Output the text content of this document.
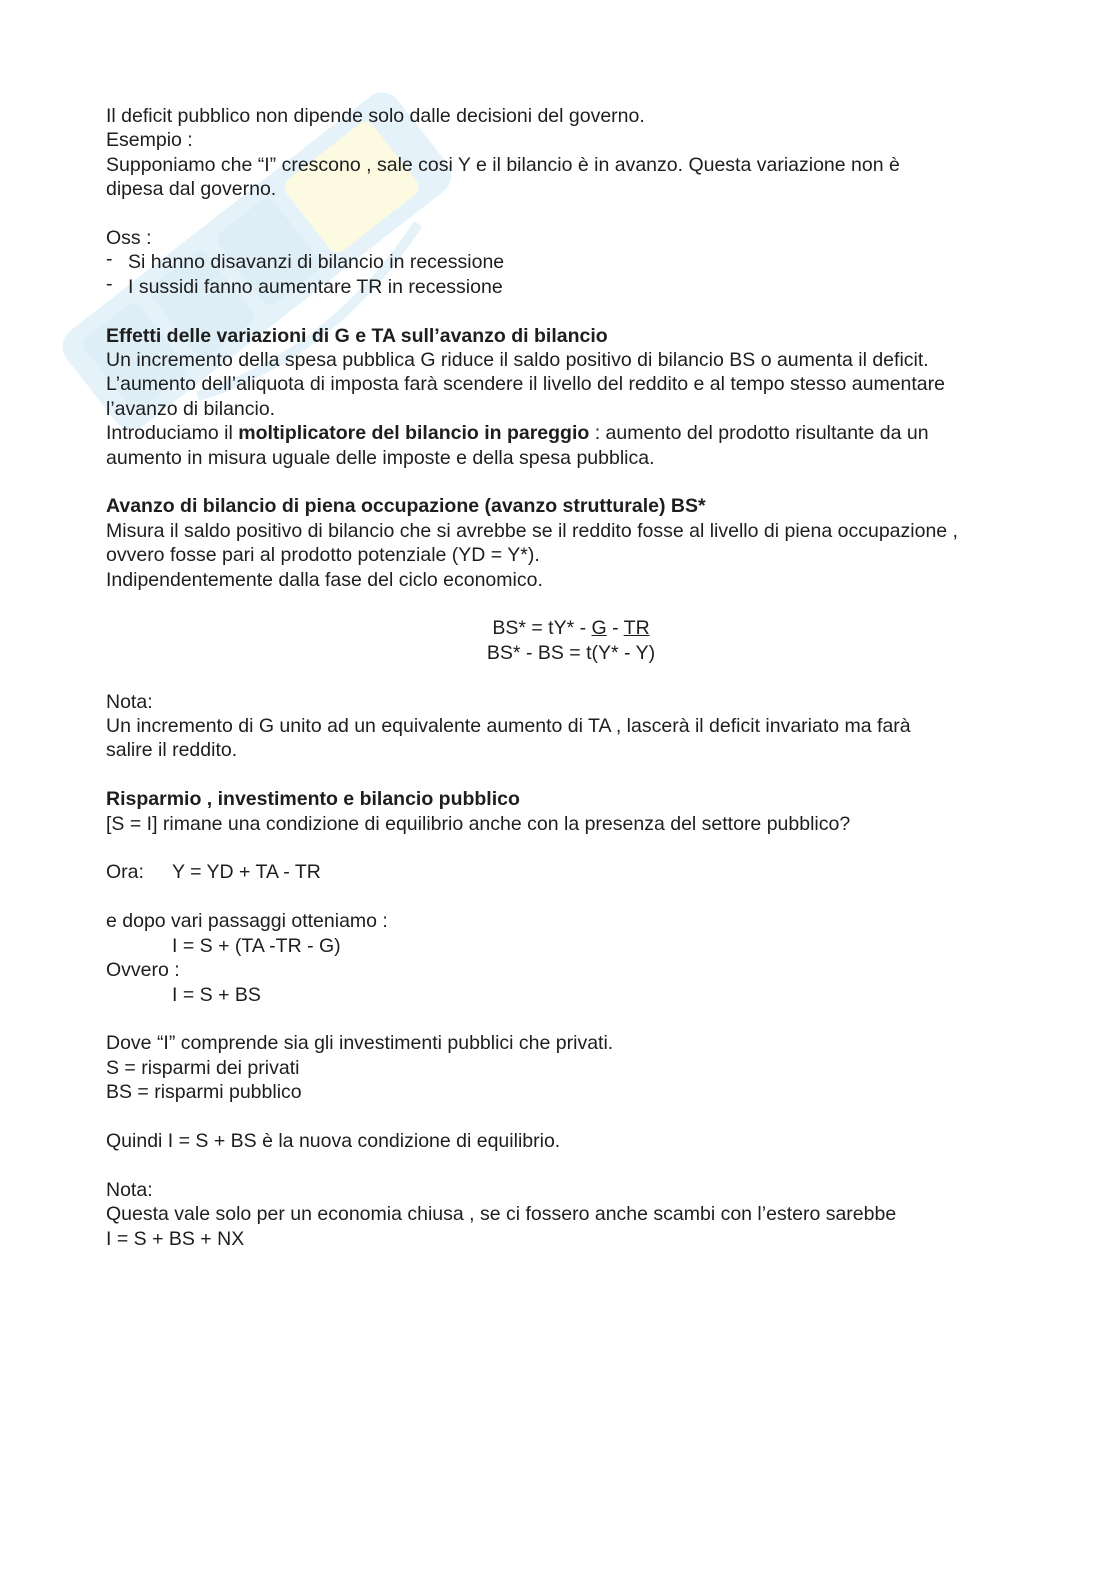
Il deficit pubblico non dipende solo dalle decisioni del governo.

Esempio :

Supponiamo che “I” crescono , sale cosi Y e il bilancio è in avanzo. Questa variazione non è

dipesa dal governo.

Oss :

- Si hanno disavanzi di bilancio in recessione
- I sussidi fanno aumentare TR in recessione

Effetti delle variazioni di G e TA sull’avanzo di bilancio

Un incremento della spesa pubblica G riduce il saldo positivo di bilancio BS o aumenta il deficit.

L’aumento dell’aliquota di imposta farà scendere il livello del reddito e al tempo stesso aumentare

l’avanzo di bilancio.

Introduciamo il moltiplicatore del bilancio in pareggio : aumento del prodotto risultante da un

aumento in misura uguale delle imposte e della spesa pubblica.

Avanzo di bilancio di piena occupazione (avanzo strutturale) BS*

Misura il saldo positivo di bilancio che si avrebbe se il reddito fosse al livello di piena occupazione ,

ovvero fosse pari al prodotto potenziale (YD = Y*).

Indipendentemente dalla fase del ciclo economico.

BS* = tY* - G - TR

BS* - BS = t(Y* - Y)

Nota:

Un incremento di G unito ad un equivalente aumento di TA , lascerà il deficit invariato ma farà

salire il reddito.

Risparmio , investimento e bilancio pubblico

[S = I] rimane una condizione di equilibrio anche con la presenza del settore pubblico?

Ora: Y = YD + TA - TR

e dopo vari passaggi otteniamo :

I = S + (TA -TR - G)

Ovvero :

I = S + BS

Dove “I” comprende sia gli investimenti pubblici che privati.

S = risparmi dei privati

BS = risparmi pubblico

Quindi I = S + BS è la nuova condizione di equilibrio.

Nota:

Questa vale solo per un economia chiusa , se ci fossero anche scambi con l’estero sarebbe

I = S + BS + NX
